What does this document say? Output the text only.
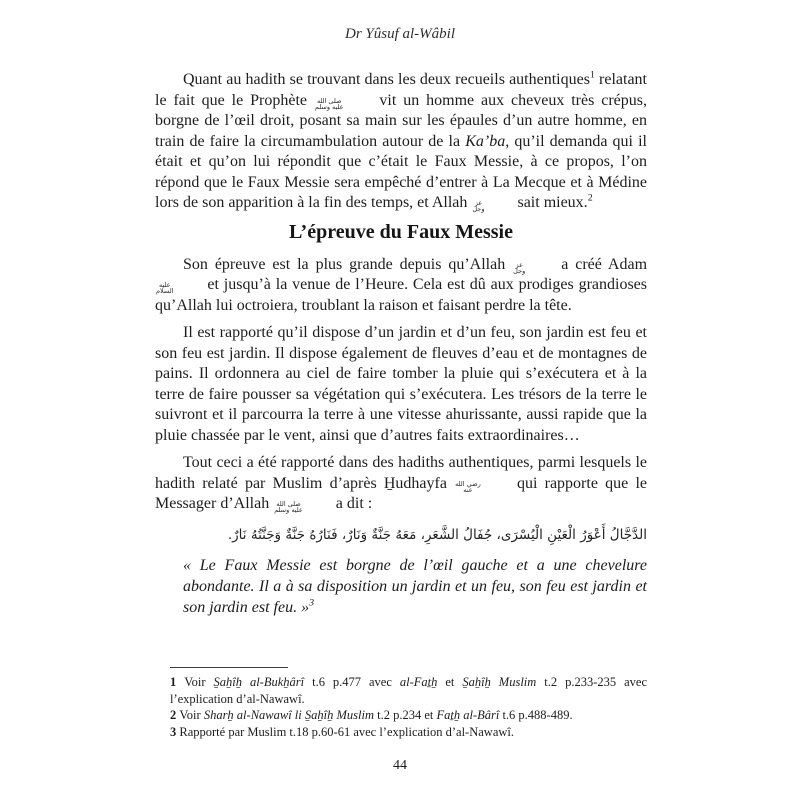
Dr Yûsuf al-Wâbil

Quant au hadith se trouvant dans les deux recueils authentiques$^1$ relatant le fait que le Prophète صلى الله
عليه وسلم	vit un homme aux cheveux très crépus, borgne de l’œil droit, posant sa main sur les épaules d’un autre homme, en train de faire la circumambulation autour de la Ka’ba, qu’il demanda qui il était et qu’on lui répondit que c’était le Faux Messie, à ce propos, l’on répond que le Faux Messie sera empêché d’entrer à La Mecque et à Médine lors de son apparition à la fin des temps, et Allah عز
وجل	sait mieux.$^2$

L’épreuve du Faux Messie

Son épreuve est la plus grande depuis qu’Allah عز
وجل	a créé Adam
عليه
السلام	et jusqu’à la venue de l’Heure. Cela est dû aux prodiges grandioses qu’Allah lui octroiera, troublant la raison et faisant perdre la tête.

Il est rapporté qu’il dispose d’un jardin et d’un feu, son jardin est feu et son feu est jardin. Il dispose également de fleuves d’eau et de montagnes de pains. Il ordonnera au ciel de faire tomber la pluie qui s’exécutera et à la terre de faire pousser sa végétation qui s’exécutera. Les trésors de la terre le suivront et il parcourra la terre à une vitesse ahurissante, aussi rapide que la pluie chassée par le vent, ainsi que d’autres faits extraordinaires…

Tout ceci a été rapporté dans des hadiths authentiques, parmi lesquels le hadith relaté par Muslim d’après H̱udhayfa رضي الله
عنه	qui rapporte que le Messager d’Allah صلى الله
عليه وسلم	a dit :

الدَّجَّالُ أَعْوَرُ الْعَيْنِ الْيُسْرَى، جُفَالُ الشَّعَرِ، مَعَهُ جَنَّةٌ وَنَارٌ، فَنَارُهُ جَنَّةٌ وَجَنَّتُهُ نَارٌ.

« Le Faux Messie est borgne de l’œil gauche et a une chevelure abondante. Il a à sa disposition un jardin et un feu, son feu est jardin et son jardin est feu. »$^3$

1 Voir S̱aẖîẖ al-Bukẖârî t.6 p.477 avec al-Faṯẖ et S̱aẖîẖ Muslim t.2 p.233-235 avec l’explication d’al-Nawawî.
2 Voir Sharẖ al-Nawawî li S̱aẖîẖ Muslim t.2 p.234 et Faṯẖ al-Bârî t.6 p.488-489.
3 Rapporté par Muslim t.18 p.60-61 avec l’explication d’al-Nawawî.
44
